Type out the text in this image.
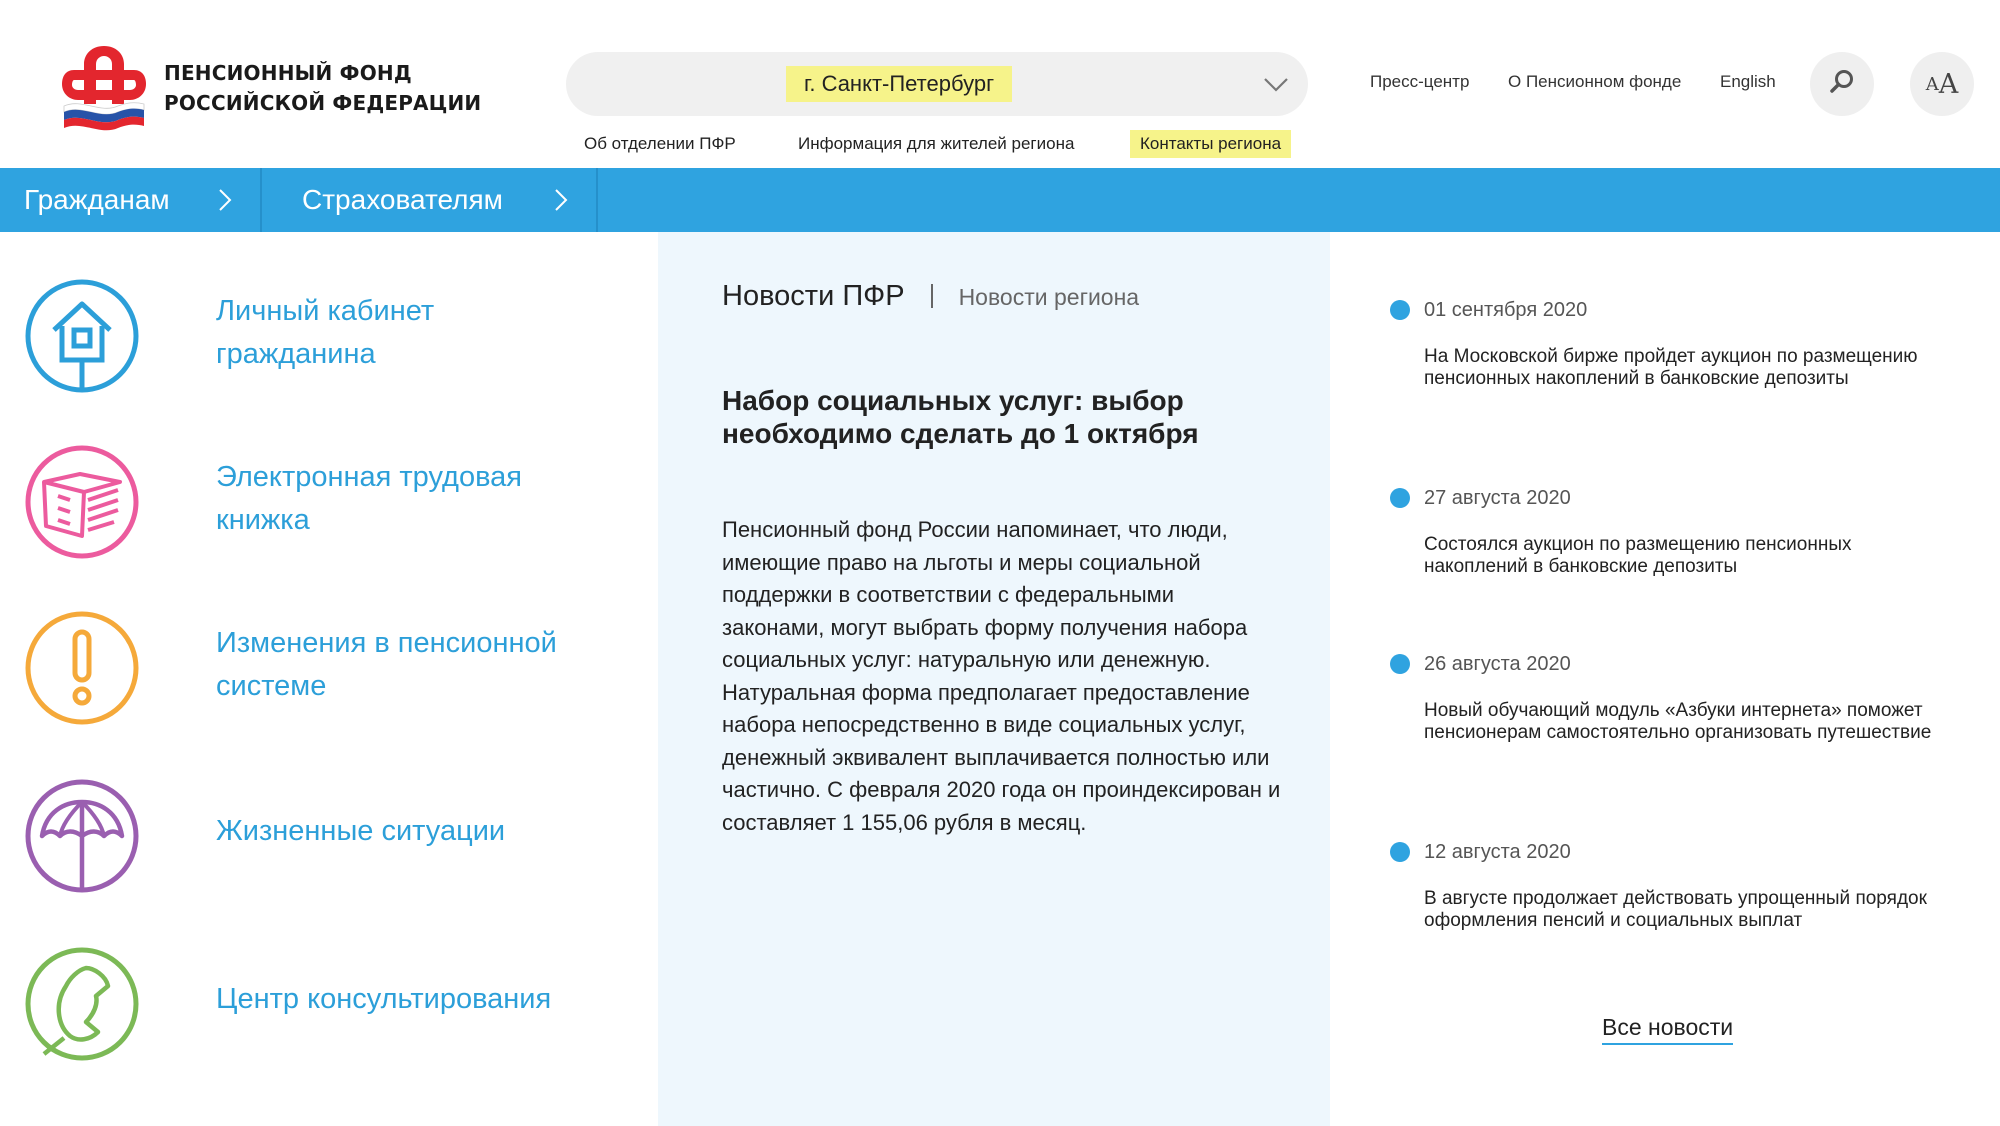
ПЕНСИОННЫЙ ФОНД
РОССИЙСКОЙ ФЕДЕРАЦИИ
г. Санкт-Петербург
Об отделении ПФР	Информация для жителей региона	Контакты региона
Пресс-центр О Пенсионном фонде English	A A
Гражданам	Страхователям
Личный кабинет
гражданина
Электронная трудовая
книжка
Изменения в пенсионной
системе
Жизненные ситуации
Центр консультирования
Новости ПФР Новости региона
Набор социальных услуг: выбор необходимо сделать до 1 октября
Пенсионный фонд России напоминает, что люди, имеющие право на льготы и меры социальной поддержки в соответствии с федеральными законами, могут выбрать форму получения набора социальных услуг: натуральную или денежную. Натуральная форма предполагает предоставление набора непосредственно в виде социальных услуг, денежный эквивалент выплачивается полностью или частично. С февраля 2020 года он проиндексирован и составляет 1 155,06 рубля в месяц.
01 сентября 2020
На Московской бирже пройдет аукцион по размещению пенсионных накоплений в банковские депозиты
27 августа 2020
Состоялся аукцион по размещению пенсионных накоплений в банковские депозиты
26 августа 2020
Новый обучающий модуль «Азбуки интернета» поможет пенсионерам самостоятельно организовать путешествие
12 августа 2020
В августе продолжает действовать упрощенный порядок оформления пенсий и социальных выплат
Все новости
